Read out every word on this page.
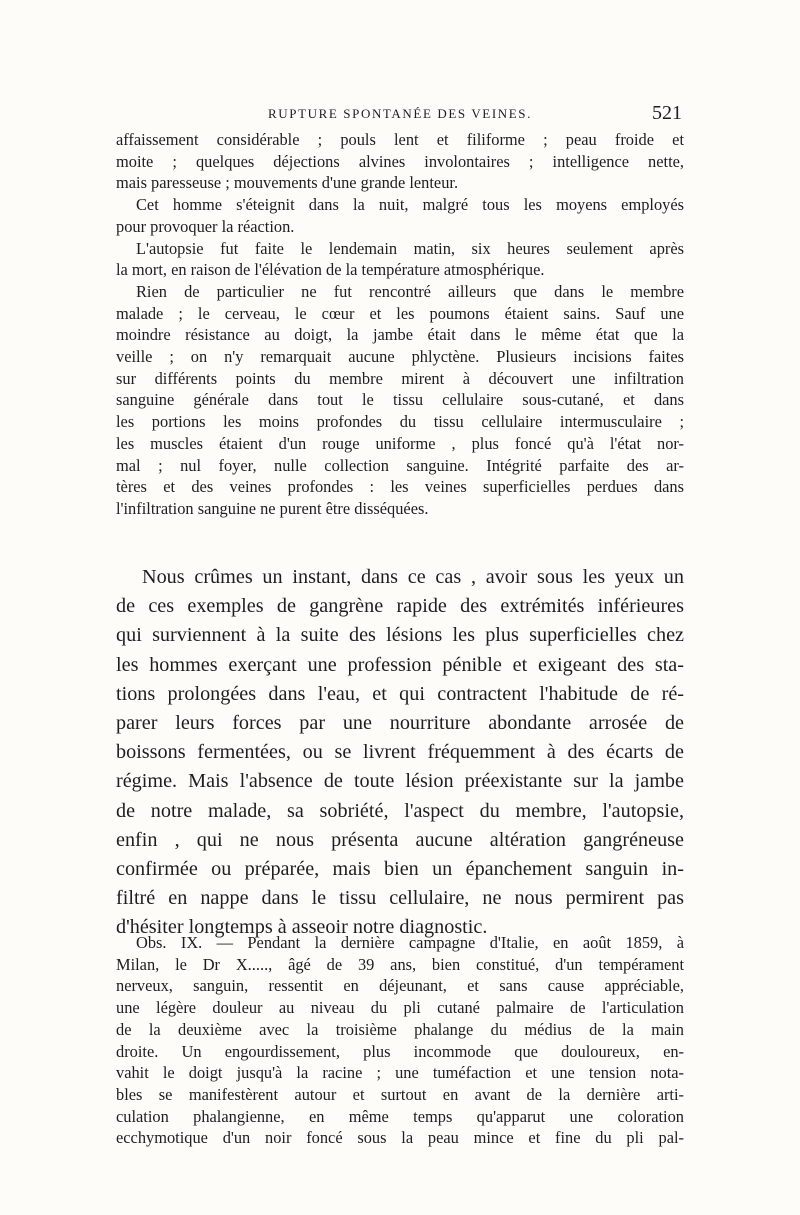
RUPTURE SPONTANÉE DES VEINES.	521
affaissement considérable ; pouls lent et filiforme ; peau froide et
moite ; quelques déjections alvines involontaires ; intelligence nette,
mais paresseuse ; mouvements d'une grande lenteur.
Cet homme s'éteignit dans la nuit, malgré tous les moyens employés
pour provoquer la réaction.
L'autopsie fut faite le lendemain matin, six heures seulement après
la mort, en raison de l'élévation de la température atmosphérique.
Rien de particulier ne fut rencontré ailleurs que dans le membre
malade ; le cerveau, le cœur et les poumons étaient sains. Sauf une
moindre résistance au doigt, la jambe était dans le même état que la
veille ; on n'y remarquait aucune phlyctène. Plusieurs incisions faites
sur différents points du membre mirent à découvert une infiltration
sanguine générale dans tout le tissu cellulaire sous-cutané, et dans
les portions les moins profondes du tissu cellulaire intermusculaire ;
les muscles étaient d'un rouge uniforme , plus foncé qu'à l'état nor-
mal ; nul foyer, nulle collection sanguine. Intégrité parfaite des ar-
tères et des veines profondes : les veines superficielles perdues dans
l'infiltration sanguine ne purent être disséquées.
Nous crûmes un instant, dans ce cas , avoir sous les yeux un
de ces exemples de gangrène rapide des extrémités inférieures
qui surviennent à la suite des lésions les plus superficielles chez
les hommes exerçant une profession pénible et exigeant des sta-
tions prolongées dans l'eau, et qui contractent l'habitude de ré-
parer leurs forces par une nourriture abondante arrosée de
boissons fermentées, ou se livrent fréquemment à des écarts de
régime. Mais l'absence de toute lésion préexistante sur la jambe
de notre malade, sa sobriété, l'aspect du membre, l'autopsie,
enfin , qui ne nous présenta aucune altération gangréneuse
confirmée ou préparée, mais bien un épanchement sanguin in-
filtré en nappe dans le tissu cellulaire, ne nous permirent pas
d'hésiter longtemps à asseoir notre diagnostic.
Obs. IX. — Pendant la dernière campagne d'Italie, en août 1859, à
Milan, le Dr X....., âgé de 39 ans, bien constitué, d'un tempérament
nerveux, sanguin, ressentit en déjeunant, et sans cause appréciable,
une légère douleur au niveau du pli cutané palmaire de l'articulation
de la deuxième avec la troisième phalange du médius de la main
droite. Un engourdissement, plus incommode que douloureux, en-
vahit le doigt jusqu'à la racine ; une tuméfaction et une tension nota-
bles se manifestèrent autour et surtout en avant de la dernière arti-
culation phalangienne, en même temps qu'apparut une coloration
ecchymotique d'un noir foncé sous la peau mince et fine du pli pal-
